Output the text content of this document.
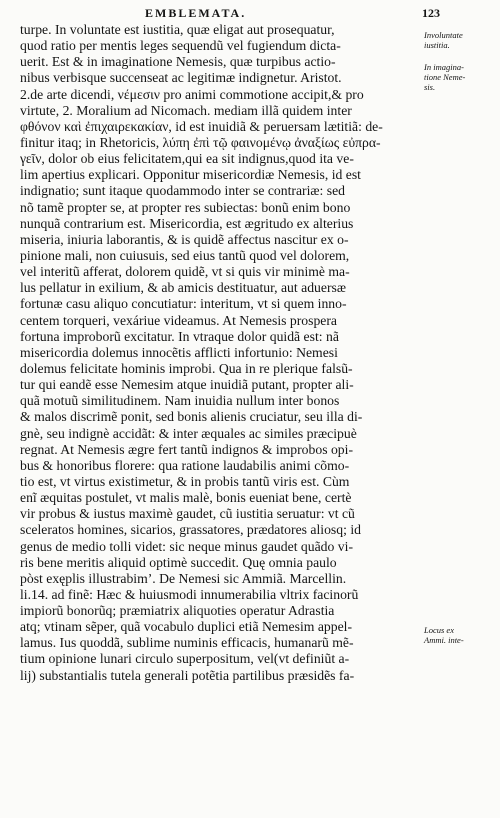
EMBLEMATA.	123
turpe. In voluntate est iustitia, quæ eligat aut prosequatur,
quod ratio per mentis leges sequendũ vel fugiendum dicta-
uerit. Est & in imaginatione Nemesis, quæ turpibus actio-
nibus verbisque succenseat ac legitimæ indignetur. Aristot.
2.de arte dicendi, νέμεσιν pro animi commotione accipit,& pro
virtute, 2. Moralium ad Nicomach. mediam illã quidem inter
φθόνον καὶ ἐπιχαιρεκακίαν, id est inuidiã & peruersam lætitiã: de-
finitur itaq; in Rhetoricis, λύπη ἐπὶ τῷ φαινομένῳ ἀναξίως εὐπρα-
γεῖν, dolor ob eius felicitatem,qui ea sit indignus,quod ita ve-
lim apertius explicari. Opponitur misericordiæ Nemesis, id est
indignatio; sunt itaque quodammodo inter se contrariæ: sed
nõ tamẽ propter se, at propter res subiectas: bonũ enim bono
nunquã contrarium est. Misericordia, est ægritudo ex alterius
miseria, iniuria laborantis, & is quidẽ affectus nascitur ex o-
pinione mali, non cuiusuis, sed eius tantũ quod vel dolorem,
vel interitũ afferat, dolorem quidẽ, vt si quis vir minimè ma-
lus pellatur in exilium, & ab amicis destituatur, aut aduersæ
fortunæ casu aliquo concutiatur: interitum, vt si quem inno-
centem torqueri, vexáriue videamus. At Nemesis prospera
fortuna improborũ excitatur. In vtraque dolor quidã est: nã
misericordia dolemus innocẽtis afflicti infortunio: Nemesi
dolemus felicitate hominis improbi. Qua in re plerique falsũ-
tur qui eandẽ esse Nemesim atque inuidiã putant, propter ali-
quã motuũ similitudinem. Nam inuidia nullum inter bonos
& malos discrimẽ ponit, sed bonis alienis cruciatur, seu illa di-
gnè, seu indignè accidãt: & inter æquales ac similes præcipuè
regnat. At Nemesis ægre fert tantũ indignos & improbos opi-
bus & honoribus florere: qua ratione laudabilis animi cõmo-
tio est, vt virtus existimetur, & in probis tantũ viris est. Cùm
enĩ æquitas postulet, vt malis malè, bonis eueniat bene, certè
vir probus & iustus maximè gaudet, cũ iustitia seruatur: vt cũ
sceleratos homines, sicarios, grassatores, prædatores aliosq; id
genus de medio tolli videt: sic neque minus gaudet quãdo vi-
ris bene meritis aliquid optimè succedit. Quę omnia paulo
pòst exęplis illustrabim’. De Nemesi sic Ammiã. Marcellin.
li.14. ad finẽ: Hæc & huiusmodi innumerabilia vltrix facinorũ
impiorũ bonorũq; præmiatrix aliquoties operatur Adrastia
atq; vtinam sẽper, quã vocabulo duplici etiã Nemesim appel-
lamus. Ius quoddã, sublime numinis efficacis, humanarũ mẽ-
tium opinione lunari circulo superpositum, vel(vt definiũt a-
lij) substantialis tutela generali potẽtia partilibus præsidẽs fa-
Involuntate
iustitia.
In imagina-
tione Neme-
sis.
Locus ex
Ammi. inte-
